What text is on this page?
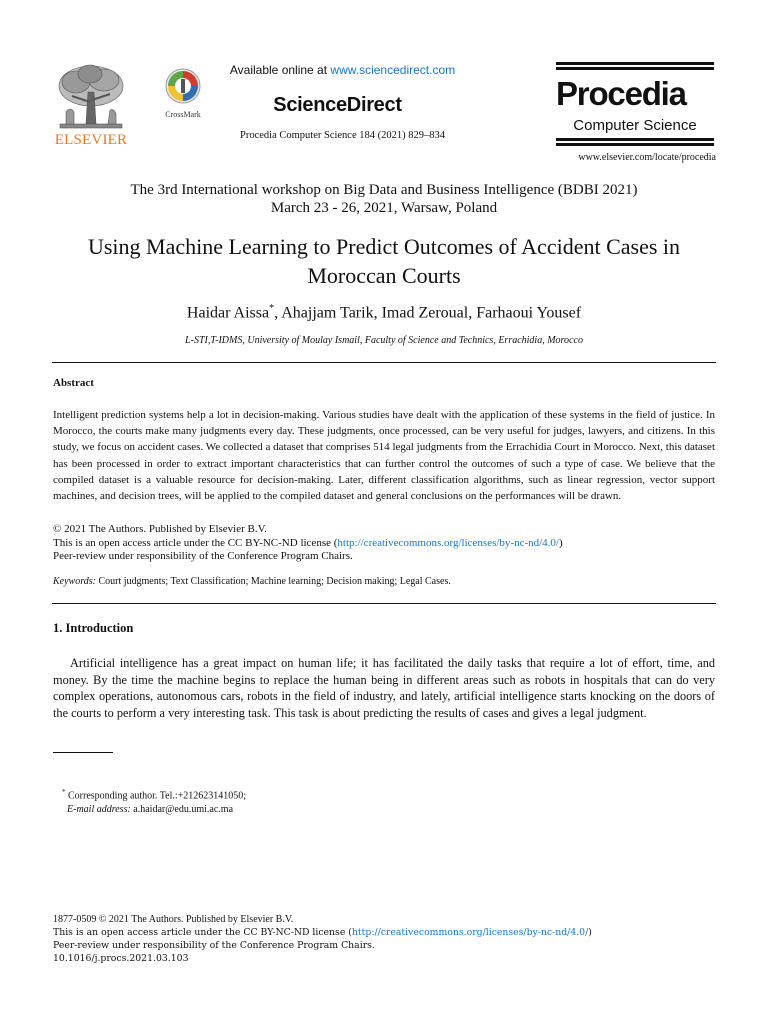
ELSEVIER
CrossMark
Available online at www.sciencedirect.com
ScienceDirect
Procedia Computer Science 184 (2021) 829–834
Procedia
Computer Science
www.elsevier.com/locate/procedia
The 3rd International workshop on Big Data and Business Intelligence (BDBI 2021)
March 23 - 26, 2021, Warsaw, Poland
Using Machine Learning to Predict Outcomes of Accident Cases in
Moroccan Courts
Haidar Aissa*, Ahajjam Tarik, Imad Zeroual, Farhaoui Yousef
L-STI,T-IDMS, University of Moulay Ismail, Faculty of Science and Technics, Errachidia, Morocco
Abstract
Intelligent prediction systems help a lot in decision-making. Various studies have dealt with the application of these systems in the field of justice. In Morocco, the courts make many judgments every day. These judgments, once processed, can be very useful for judges, lawyers, and citizens. In this study, we focus on accident cases. We collected a dataset that comprises 514 legal judgments from the Errachidia Court in Morocco. Next, this dataset has been processed in order to extract important characteristics that can further control the outcomes of such a type of case. We believe that the compiled dataset is a valuable resource for decision-making. Later, different classification algorithms, such as linear regression, vector support machines, and decision trees, will be applied to the compiled dataset and general conclusions on the performances will be drawn.
© 2021 The Authors. Published by Elsevier B.V.
This is an open access article under the CC BY-NC-ND license (http://creativecommons.org/licenses/by-nc-nd/4.0/)
Peer-review under responsibility of the Conference Program Chairs.
Keywords: Court judgments; Text Classification; Machine learning; Decision making; Legal Cases.
1. Introduction
Artificial intelligence has a great impact on human life; it has facilitated the daily tasks that require a lot of effort, time, and money. By the time the machine begins to replace the human being in different areas such as robots in hospitals that can do very complex operations, autonomous cars, robots in the field of industry, and lately, artificial intelligence starts knocking on the doors of the courts to perform a very interesting task. This task is about predicting the results of cases and gives a legal judgment.
* Corresponding author. Tel.:+212623141050;
E-mail address: a.haidar@edu.umi.ac.ma
1877-0509 © 2021 The Authors. Published by Elsevier B.V.
This is an open access article under the CC BY-NC-ND license (http://creativecommons.org/licenses/by-nc-nd/4.0/)
Peer-review under responsibility of the Conference Program Chairs.
10.1016/j.procs.2021.03.103
